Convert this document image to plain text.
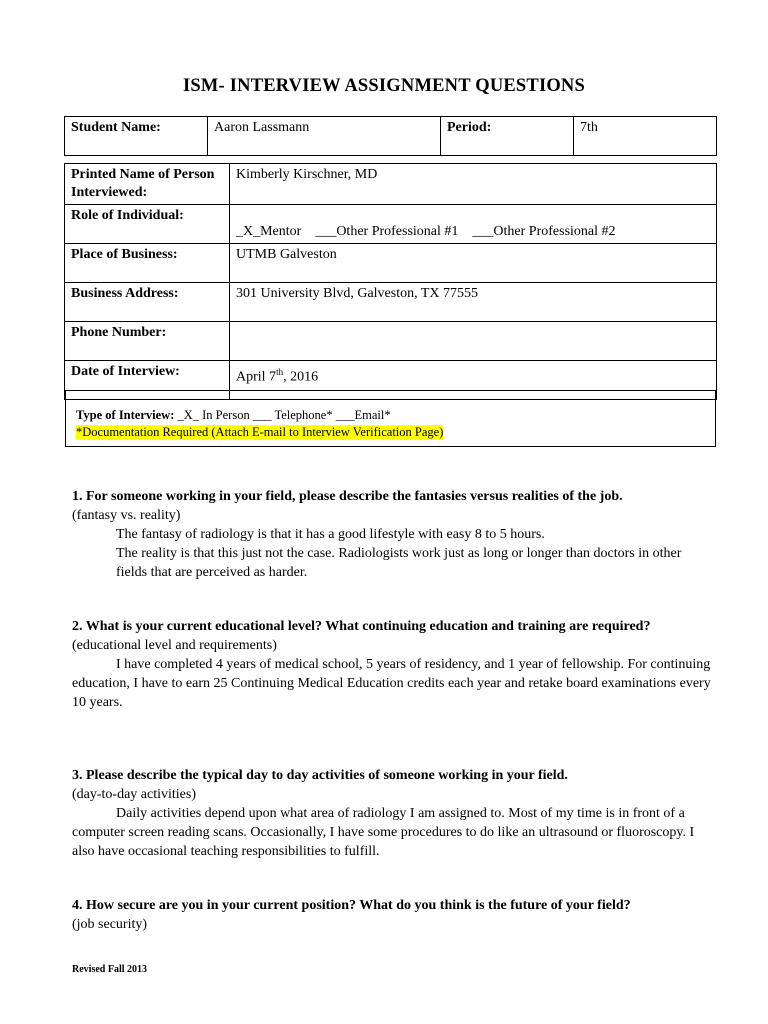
ISM- INTERVIEW ASSIGNMENT QUESTIONS
Student Name:	Aaron Lassmann	Period:	7th
Printed Name of Person Interviewed:	Kimberly Kirschner, MD
Role of Individual:	_X_Mentor    ___Other Professional #1    ___Other Professional #2
Place of Business:	UTMB Galveston
Business Address:	301 University Blvd, Galveston, TX 77555
Phone Number:	
Date of Interview:	April 7th, 2016
Type of Interview: _X_ In Person ___ Telephone* ___Email*
*Documentation Required (Attach E-mail to Interview Verification Page)
1. For someone working in your field, please describe the fantasies versus realities of the job.
(fantasy vs. reality)
The fantasy of radiology is that it has a good lifestyle with easy 8 to 5 hours.
The reality is that this just not the case. Radiologists work just as long or longer than doctors in other fields that are perceived as harder.
2. What is your current educational level? What continuing education and training are required?
(educational level and requirements)
I have completed 4 years of medical school, 5 years of residency, and 1 year of fellowship. For continuing education, I have to earn 25 Continuing Medical Education credits each year and retake board examinations every 10 years.
3. Please describe the typical day to day activities of someone working in your field.
(day-to-day activities)
Daily activities depend upon what area of radiology I am assigned to. Most of my time is in front of a computer screen reading scans. Occasionally, I have some procedures to do like an ultrasound or fluoroscopy. I also have occasional teaching responsibilities to fulfill.
4. How secure are you in your current position? What do you think is the future of your field?
(job security)
Revised Fall 2013
